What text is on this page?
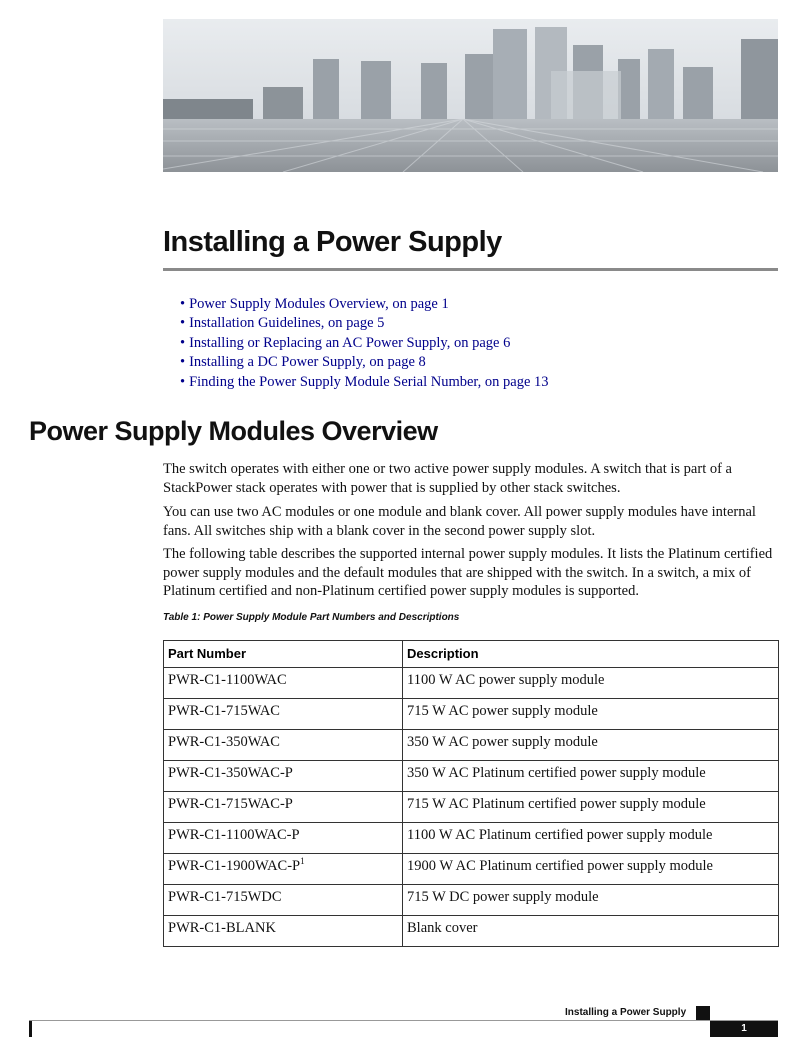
Installing a Power Supply
• Power Supply Modules Overview, on page 1
• Installation Guidelines, on page 5
• Installing or Replacing an AC Power Supply, on page 6
• Installing a DC Power Supply, on page 8
• Finding the Power Supply Module Serial Number, on page 13
Power Supply Modules Overview

The switch operates with either one or two active power supply modules. A switch that is part of a StackPower stack operates with power that is supplied by other stack switches.

You can use two AC modules or one module and blank cover. All power supply modules have internal fans. All switches ship with a blank cover in the second power supply slot.

The following table describes the supported internal power supply modules. It lists the Platinum certified power supply modules and the default modules that are shipped with the switch. In a switch, a mix of Platinum certified and non-Platinum certified power supply modules is supported.

Table 1: Power Supply Module Part Numbers and Descriptions

Part Number	Description
PWR-C1-1100WAC	1100 W AC power supply module
PWR-C1-715WAC	715 W AC power supply module
PWR-C1-350WAC	350 W AC power supply module
PWR-C1-350WAC-P	350 W AC Platinum certified power supply module
PWR-C1-715WAC-P	715 W AC Platinum certified power supply module
PWR-C1-1100WAC-P	1100 W AC Platinum certified power supply module
PWR-$C1-1900WAC-P^1$	1900 W AC Platinum certified power supply module
PWR-C1-715WDC	715 W DC power supply module
PWR-C1-BLANK	Blank cover
Installing a Power Supply
1
